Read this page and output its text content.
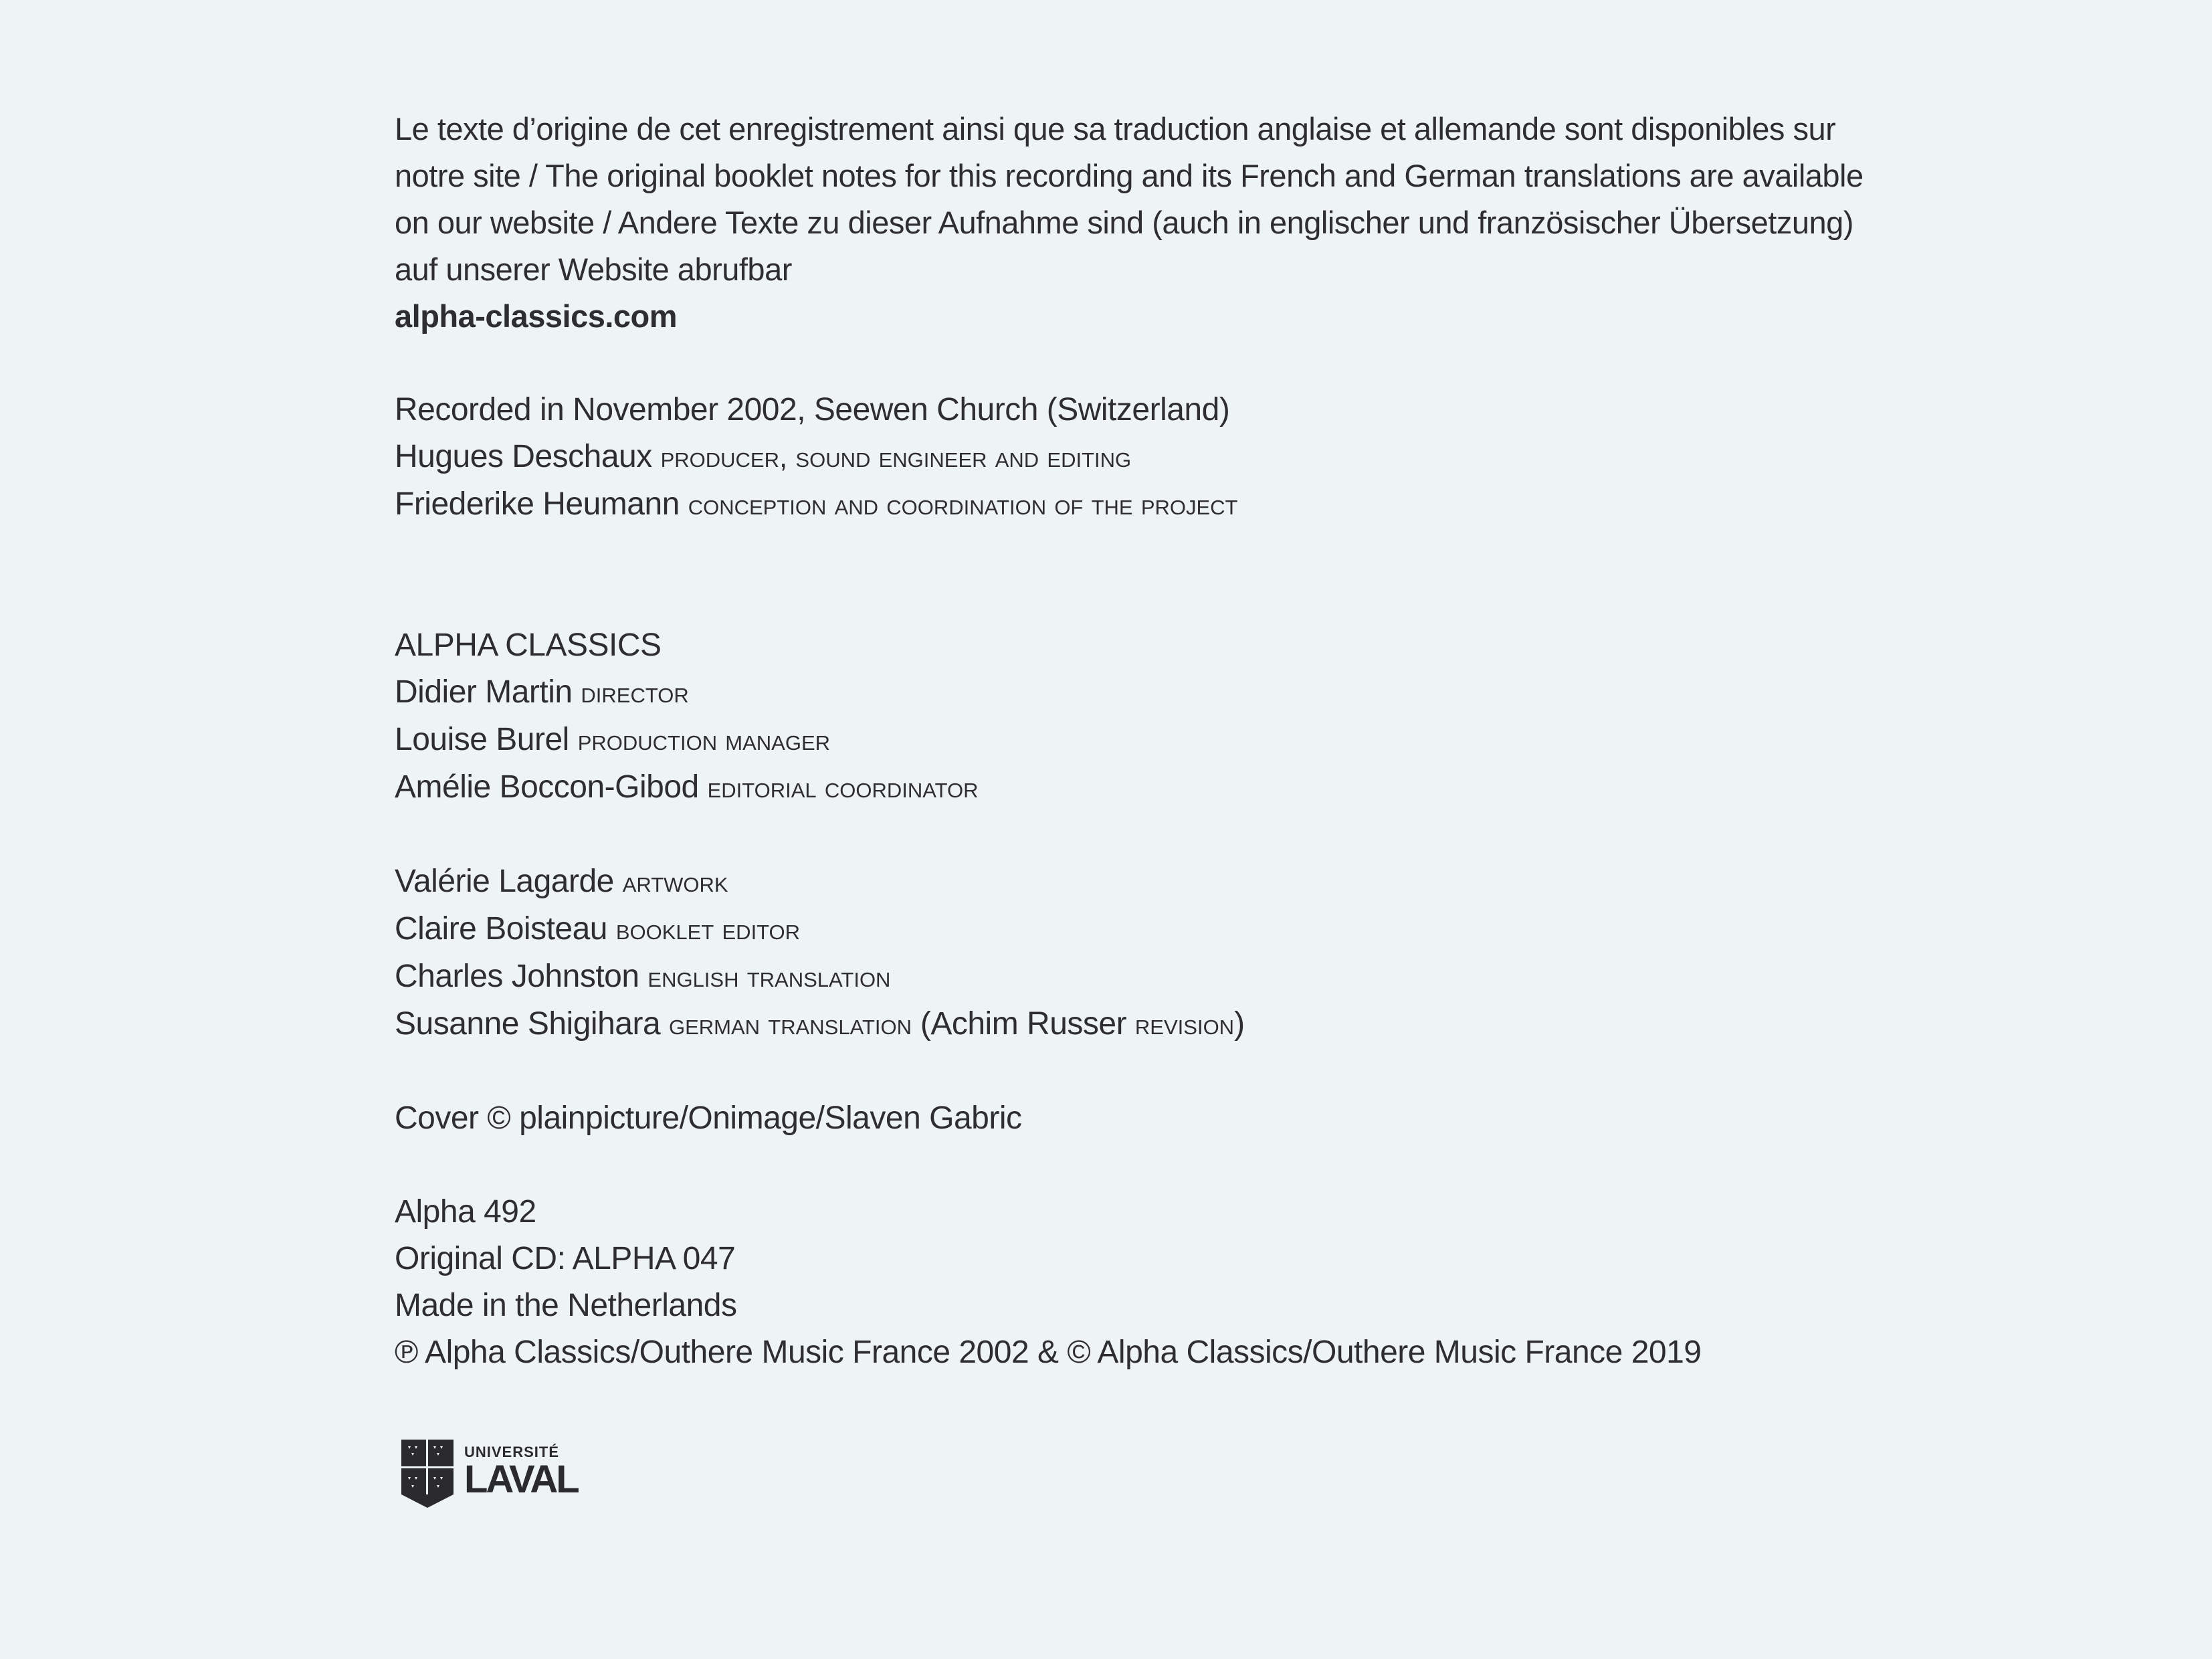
Le texte d’origine de cet enregistrement ainsi que sa traduction anglaise et allemande sont disponibles sur
notre site / The original booklet notes for this recording and its French and German translations are available
on our website / Andere Texte zu dieser Aufnahme sind (auch in englischer und französischer Übersetzung)
auf unserer Website abrufbar
alpha-classics.com
Recorded in November 2002, Seewen Church (Switzerland)
Hugues Deschaux producer, sound engineer and editing
Friederike Heumann conception and coordination of the project
ALPHA CLASSICS
Didier Martin director
Louise Burel production manager
Amélie Boccon-Gibod editorial coordinator
Valérie Lagarde artwork
Claire Boisteau booklet editor
Charles Johnston english translation
Susanne Shigihara german translation (Achim Russer revision)
Cover © plainpicture/Onimage/Slaven Gabric
Alpha 492
Original CD: ALPHA 047
Made in the Netherlands
℗ Alpha Classics/Outhere Music France 2002 & © Alpha Classics/Outhere Music France 2019
UNIVERSITÉ
LAVAL
